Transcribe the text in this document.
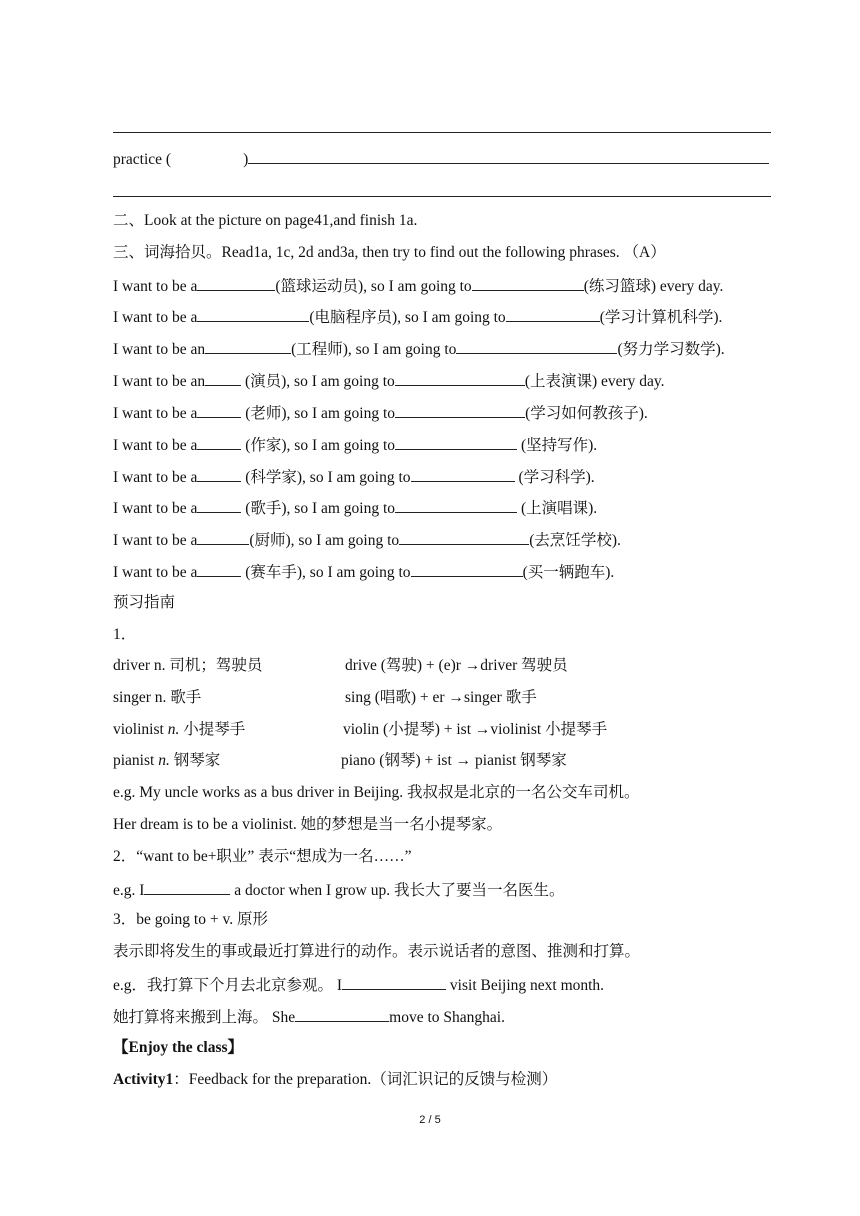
practice (	)
二、Look at the picture on page41,and finish 1a.
三、词海拾贝。Read1a, 1c, 2d and3a, then try to find out the following phrases. （A）
I want to be a	(篮球运动员), so I am going to	(练习篮球) every day.
I want to be a	(电脑程序员), so I am going to	(学习计算机科学).
I want to be an	(工程师), so I am going to	(努力学习数学).
I want to be an (演员), so I am going to	(上表演课) every day.
I want to be a	(老师), so I am going to	(学习如何教孩子).
I want to be a	(作家), so I am going to	(坚持写作).
I want to be a	(科学家), so I am going to	(学习科学).
I want to be a	(歌手), so I am going to	(上演唱课).
I want to be a	(厨师), so I am going to	(去烹饪学校).
I want to be a	(赛车手), so I am going to	(买一辆跑车).
预习指南
1．
driver n. 司机；驾驶员	drive (驾驶) + (e)r →driver 驾驶员
singer n. 歌手	sing (唱歌) + er →singer 歌手
violinist n. 小提琴手	violin (小提琴) + ist →violinist 小提琴手
pianist n. 钢琴家	piano (钢琴) + ist → pianist 钢琴家
e.g. My uncle works as a bus driver in Beijing. 我叔叔是北京的一名公交车司机。
Her dream is to be a violinist. 她的梦想是当一名小提琴家。
2．“want to be+职业” 表示“想成为一名……”
e.g. I	a doctor when I grow up. 我长大了要当一名医生。
3．be going to + v. 原形
表示即将发生的事或最近打算进行的动作。表示说话者的意图、推测和打算。
e.g．我打算下个月去北京参观。 I	visit Beijing next month.
她打算将来搬到上海。 She	move to Shanghai.
【Enjoy the class】
Activity1：Feedback for the preparation.（词汇识记的反馈与检测）
2 / 5
